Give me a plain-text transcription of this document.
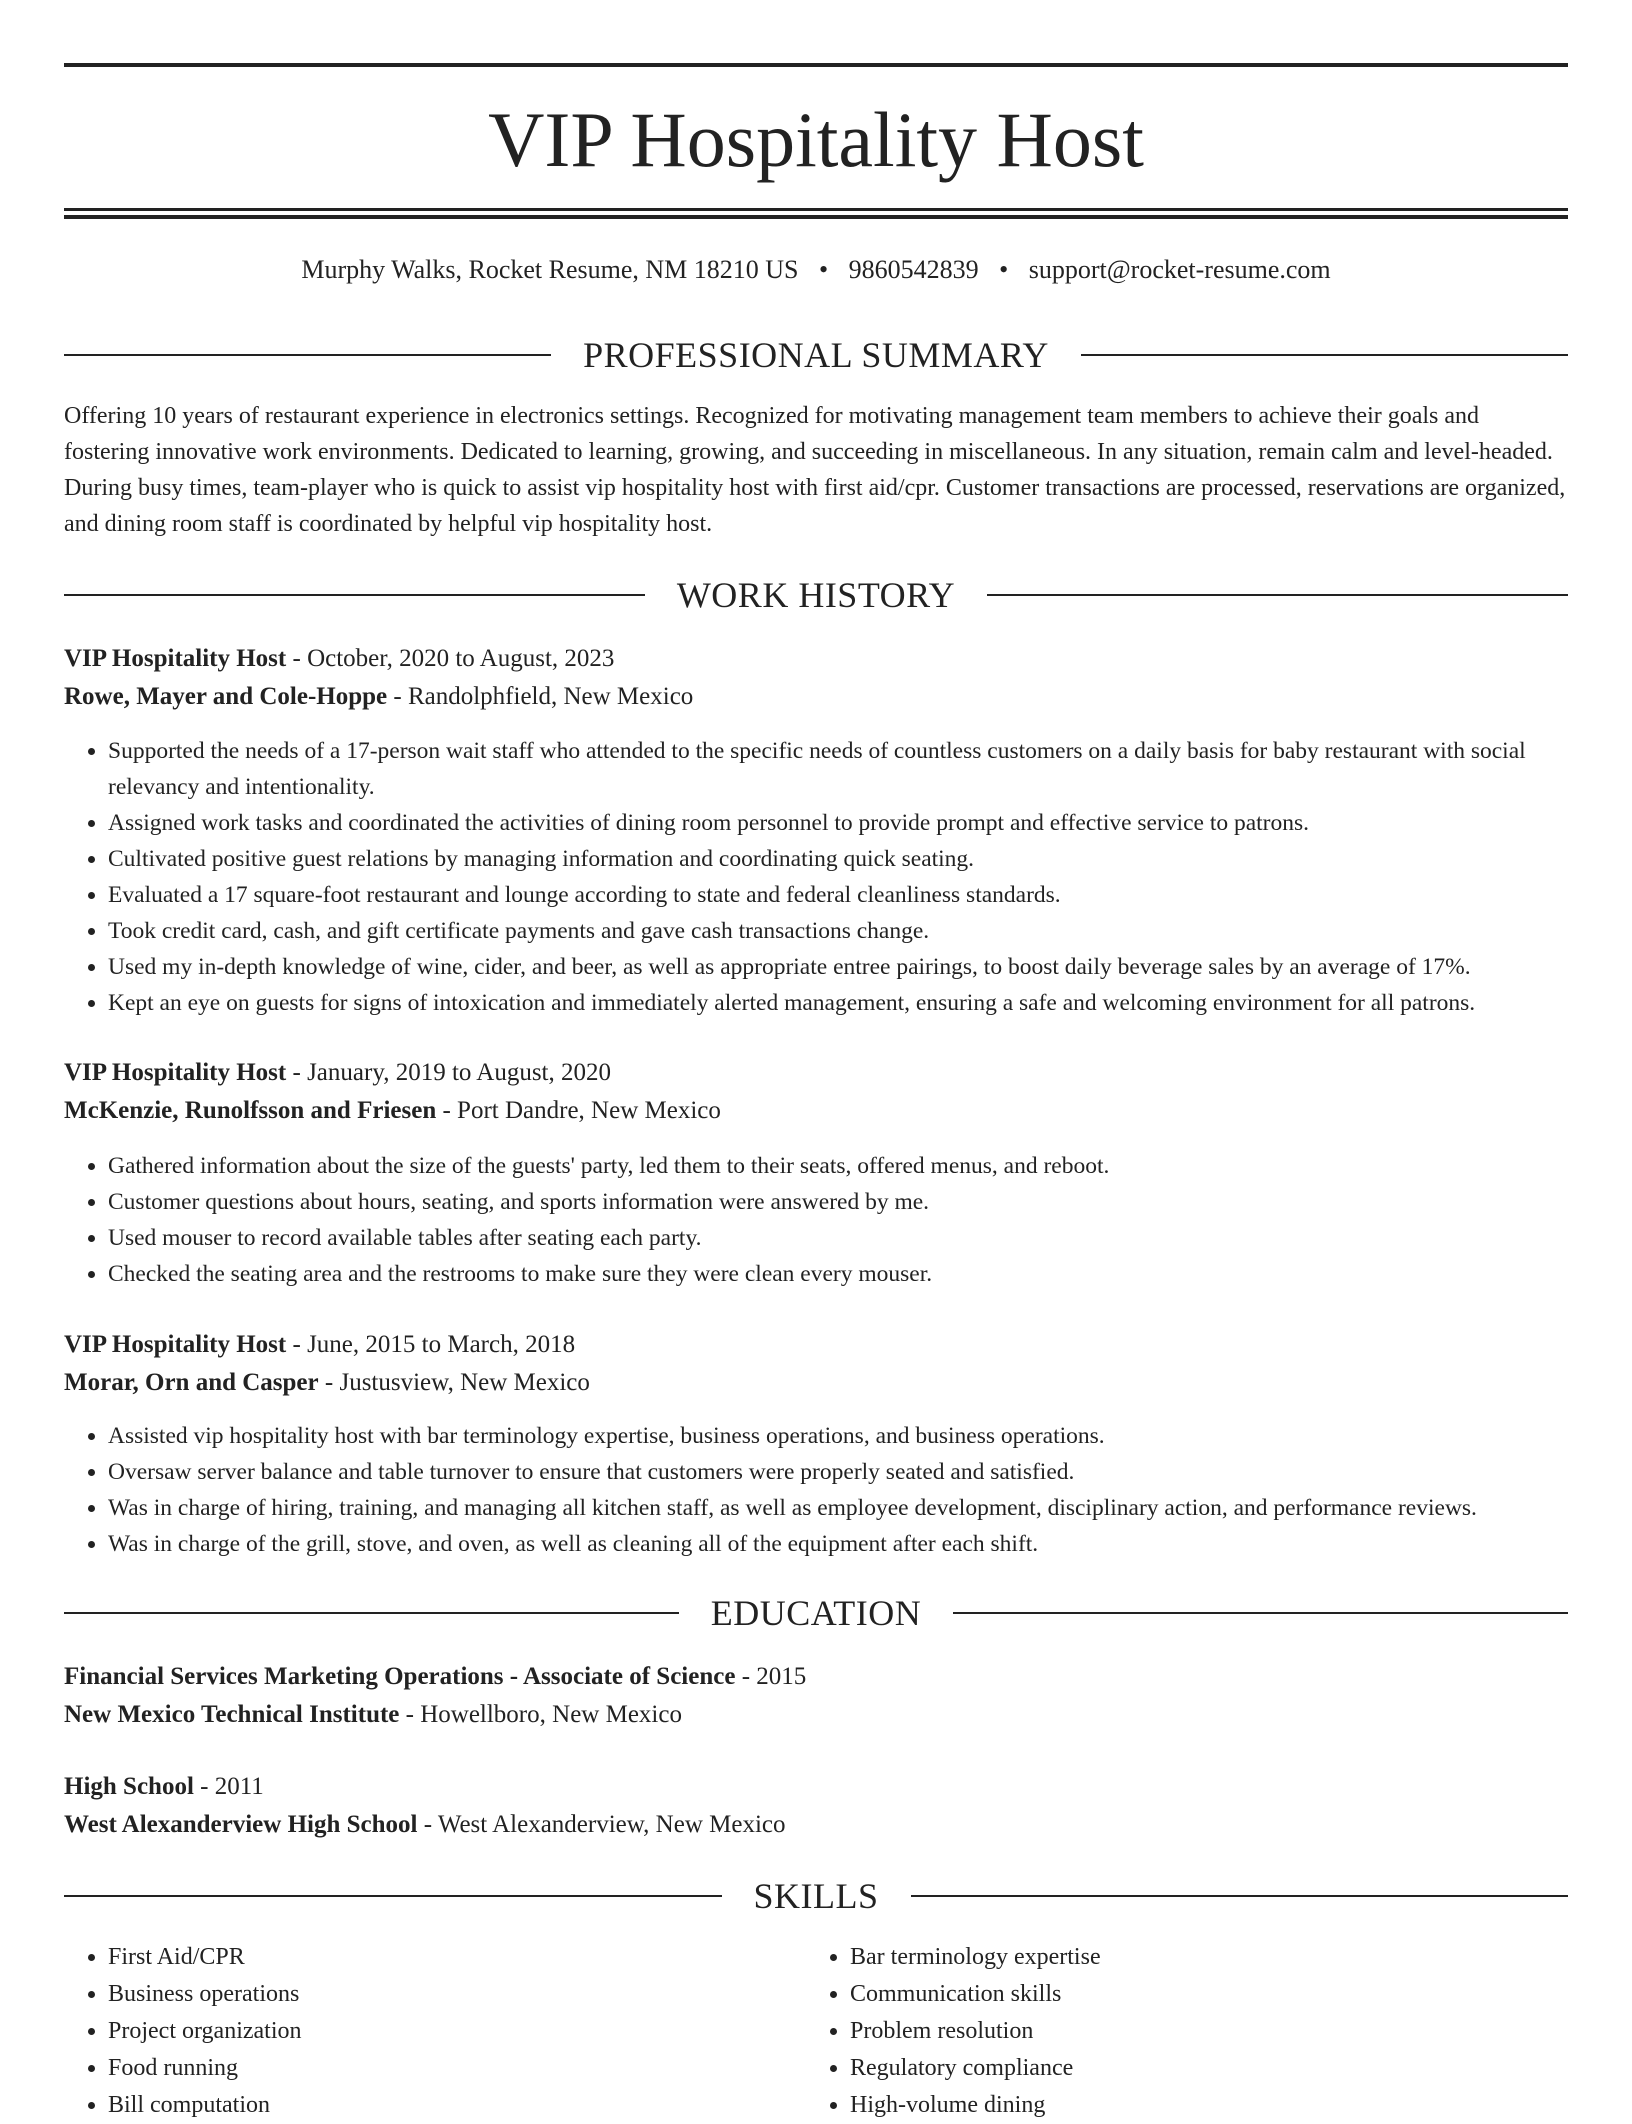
VIP Hospitality Host
Murphy Walks, Rocket Resume, NM 18210 US • 9860542839 • support@rocket-resume.com
PROFESSIONAL SUMMARY

Offering 10 years of restaurant experience in electronics settings. Recognized for motivating management team members to achieve their goals and fostering innovative work environments. Dedicated to learning, growing, and succeeding in miscellaneous. In any situation, remain calm and level-headed. During busy times, team-player who is quick to assist vip hospitality host with first aid/cpr. Customer transactions are processed, reservations are organized, and dining room staff is coordinated by helpful vip hospitality host.

WORK HISTORY
VIP Hospitality Host - October, 2020 to August, 2023
Rowe, Mayer and Cole-Hoppe - Randolphfield, New Mexico
• Supported the needs of a 17-person wait staff who attended to the specific needs of countless customers on a daily basis for baby restaurant with social relevancy and intentionality.
• Assigned work tasks and coordinated the activities of dining room personnel to provide prompt and effective service to patrons.
• Cultivated positive guest relations by managing information and coordinating quick seating.
• Evaluated a 17 square-foot restaurant and lounge according to state and federal cleanliness standards.
• Took credit card, cash, and gift certificate payments and gave cash transactions change.
• Used my in-depth knowledge of wine, cider, and beer, as well as appropriate entree pairings, to boost daily beverage sales by an average of 17%.
• Kept an eye on guests for signs of intoxication and immediately alerted management, ensuring a safe and welcoming environment for all patrons.
VIP Hospitality Host - January, 2019 to August, 2020
McKenzie, Runolfsson and Friesen - Port Dandre, New Mexico
• Gathered information about the size of the guests' party, led them to their seats, offered menus, and reboot.
• Customer questions about hours, seating, and sports information were answered by me.
• Used mouser to record available tables after seating each party.
• Checked the seating area and the restrooms to make sure they were clean every mouser.
VIP Hospitality Host - June, 2015 to March, 2018
Morar, Orn and Casper - Justusview, New Mexico
• Assisted vip hospitality host with bar terminology expertise, business operations, and business operations.
• Oversaw server balance and table turnover to ensure that customers were properly seated and satisfied.
• Was in charge of hiring, training, and managing all kitchen staff, as well as employee development, disciplinary action, and performance reviews.
• Was in charge of the grill, stove, and oven, as well as cleaning all of the equipment after each shift.
EDUCATION
Financial Services Marketing Operations - Associate of Science - 2015
New Mexico Technical Institute - Howellboro, New Mexico
High School - 2011
West Alexanderview High School - West Alexanderview, New Mexico
SKILLS
• First Aid/CPR
• Business operations
• Project organization
• Food running
• Bill computation
• Bar terminology expertise
• Communication skills
• Problem resolution
• Regulatory compliance
• High-volume dining
